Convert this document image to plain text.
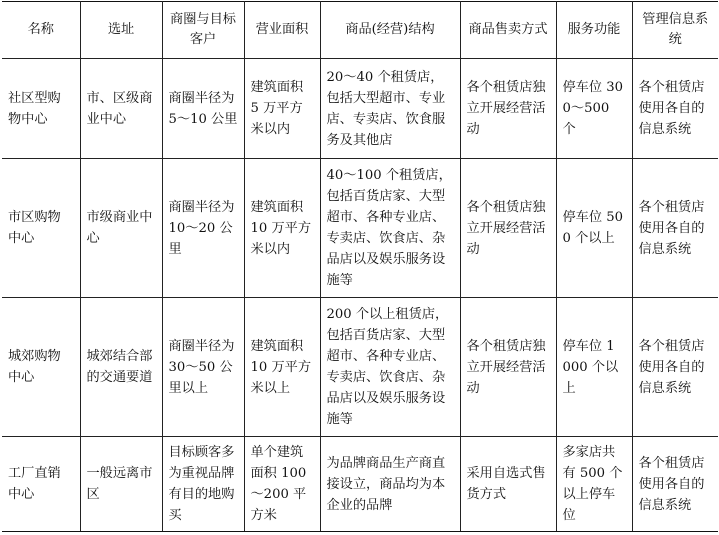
名称	选址	商圈与目标客户	营业面积	商品(经营)结构	商品售卖方式	服务功能	管理信息系统
社区型购物中心	市、区级商业中心	商圈半径为 5～10 公里	建筑面积 5 万平方米以内	20～40 个租赁店，包括大型超市、专业店、专卖店、饮食服务及其他店	各个租赁店独立开展经营活动	停车位 300～500 个	各个租赁店使用各自的信息系统
市区购物中心	市级商业中心	商圈半径为 10～20 公里	建筑面积 10 万平方米以内	40～100 个租赁店，包括百货店家、大型超市、各种专业店、专卖店、饮食店、杂品店以及娱乐服务设施等	各个租赁店独立开展经营活动	停车位 500 个以上	各个租赁店使用各自的信息系统
城郊购物中心	城郊结合部的交通要道	商圈半径为 30～50 公里以上	建筑面积 10 万平方米以上	200 个以上租赁店，包括百货店家、大型超市、各种专业店、专卖店、饮食店、杂品店以及娱乐服务设施等	各个租赁店独立开展经营活动	停车位 1 000 个以上	各个租赁店使用各自的信息系统
工厂直销中心	一般远离市区	目标顾客多为重视品牌有目的地购买	单个建筑面积 100～200 平方米	为品牌商品生产商直接设立，商品均为本企业的品牌	采用自选式售货方式	多家店共有 500 个以上停车位	各个租赁店使用各自的信息系统
